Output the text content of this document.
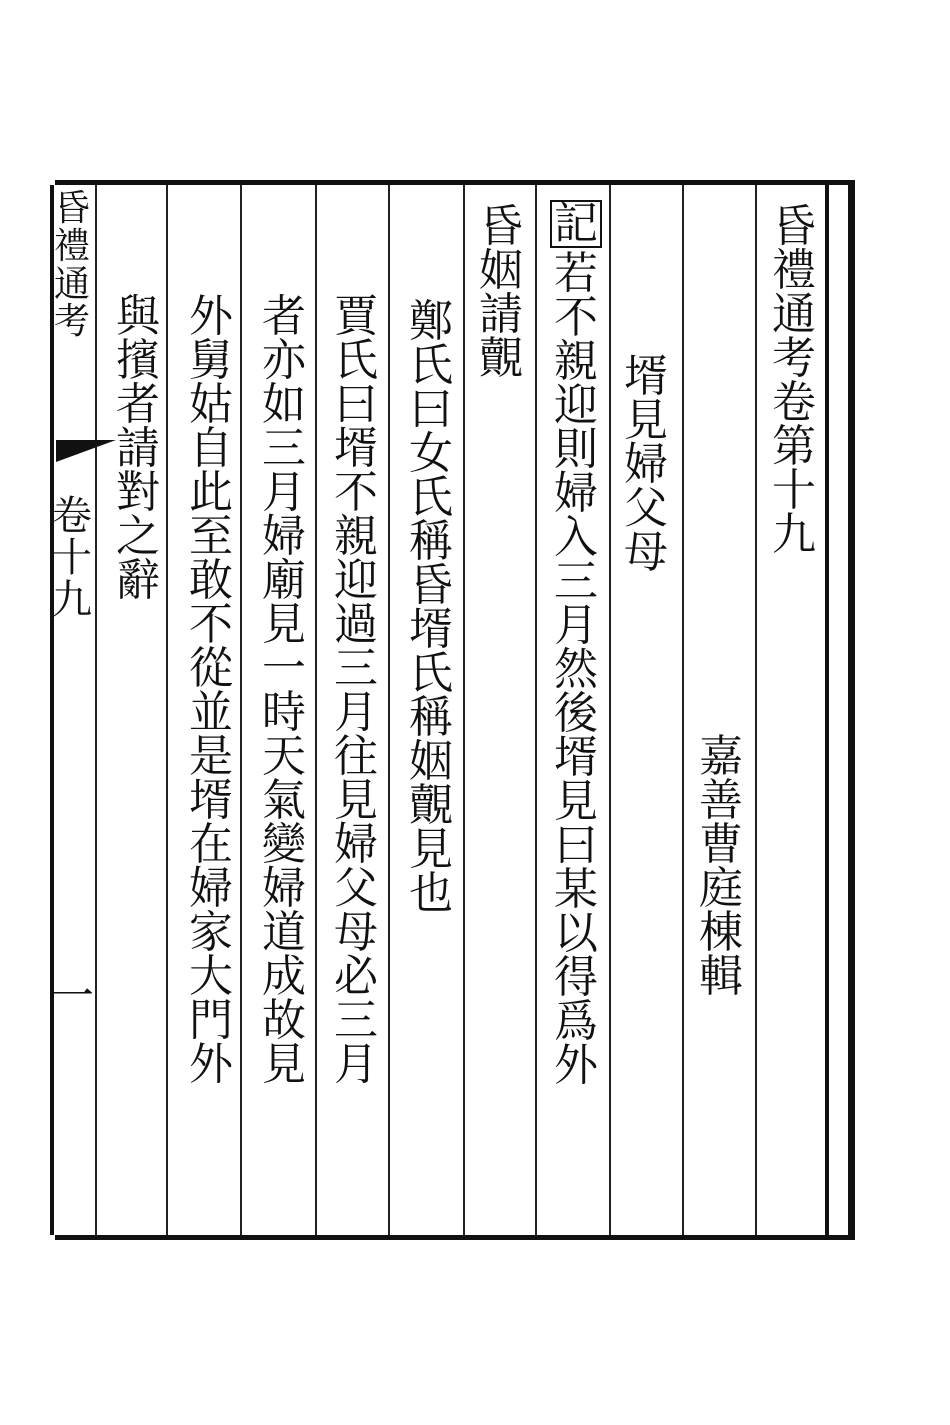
昏禮通考卷第十九
嘉善曹庭棟輯
壻見婦父母
記
若不親迎則婦入三月然後壻見曰某以得爲外
昏姻請覿
鄭氏曰女氏稱昏壻氏稱姻覿見也
賈氏曰壻不親迎過三月往見婦父母必三月
者亦如三月婦廟見一時天氣變婦道成故見
外舅姑自此至敢不從並是壻在婦家大門外
與擯者請對之辭
昏禮通考
卷十九
一
